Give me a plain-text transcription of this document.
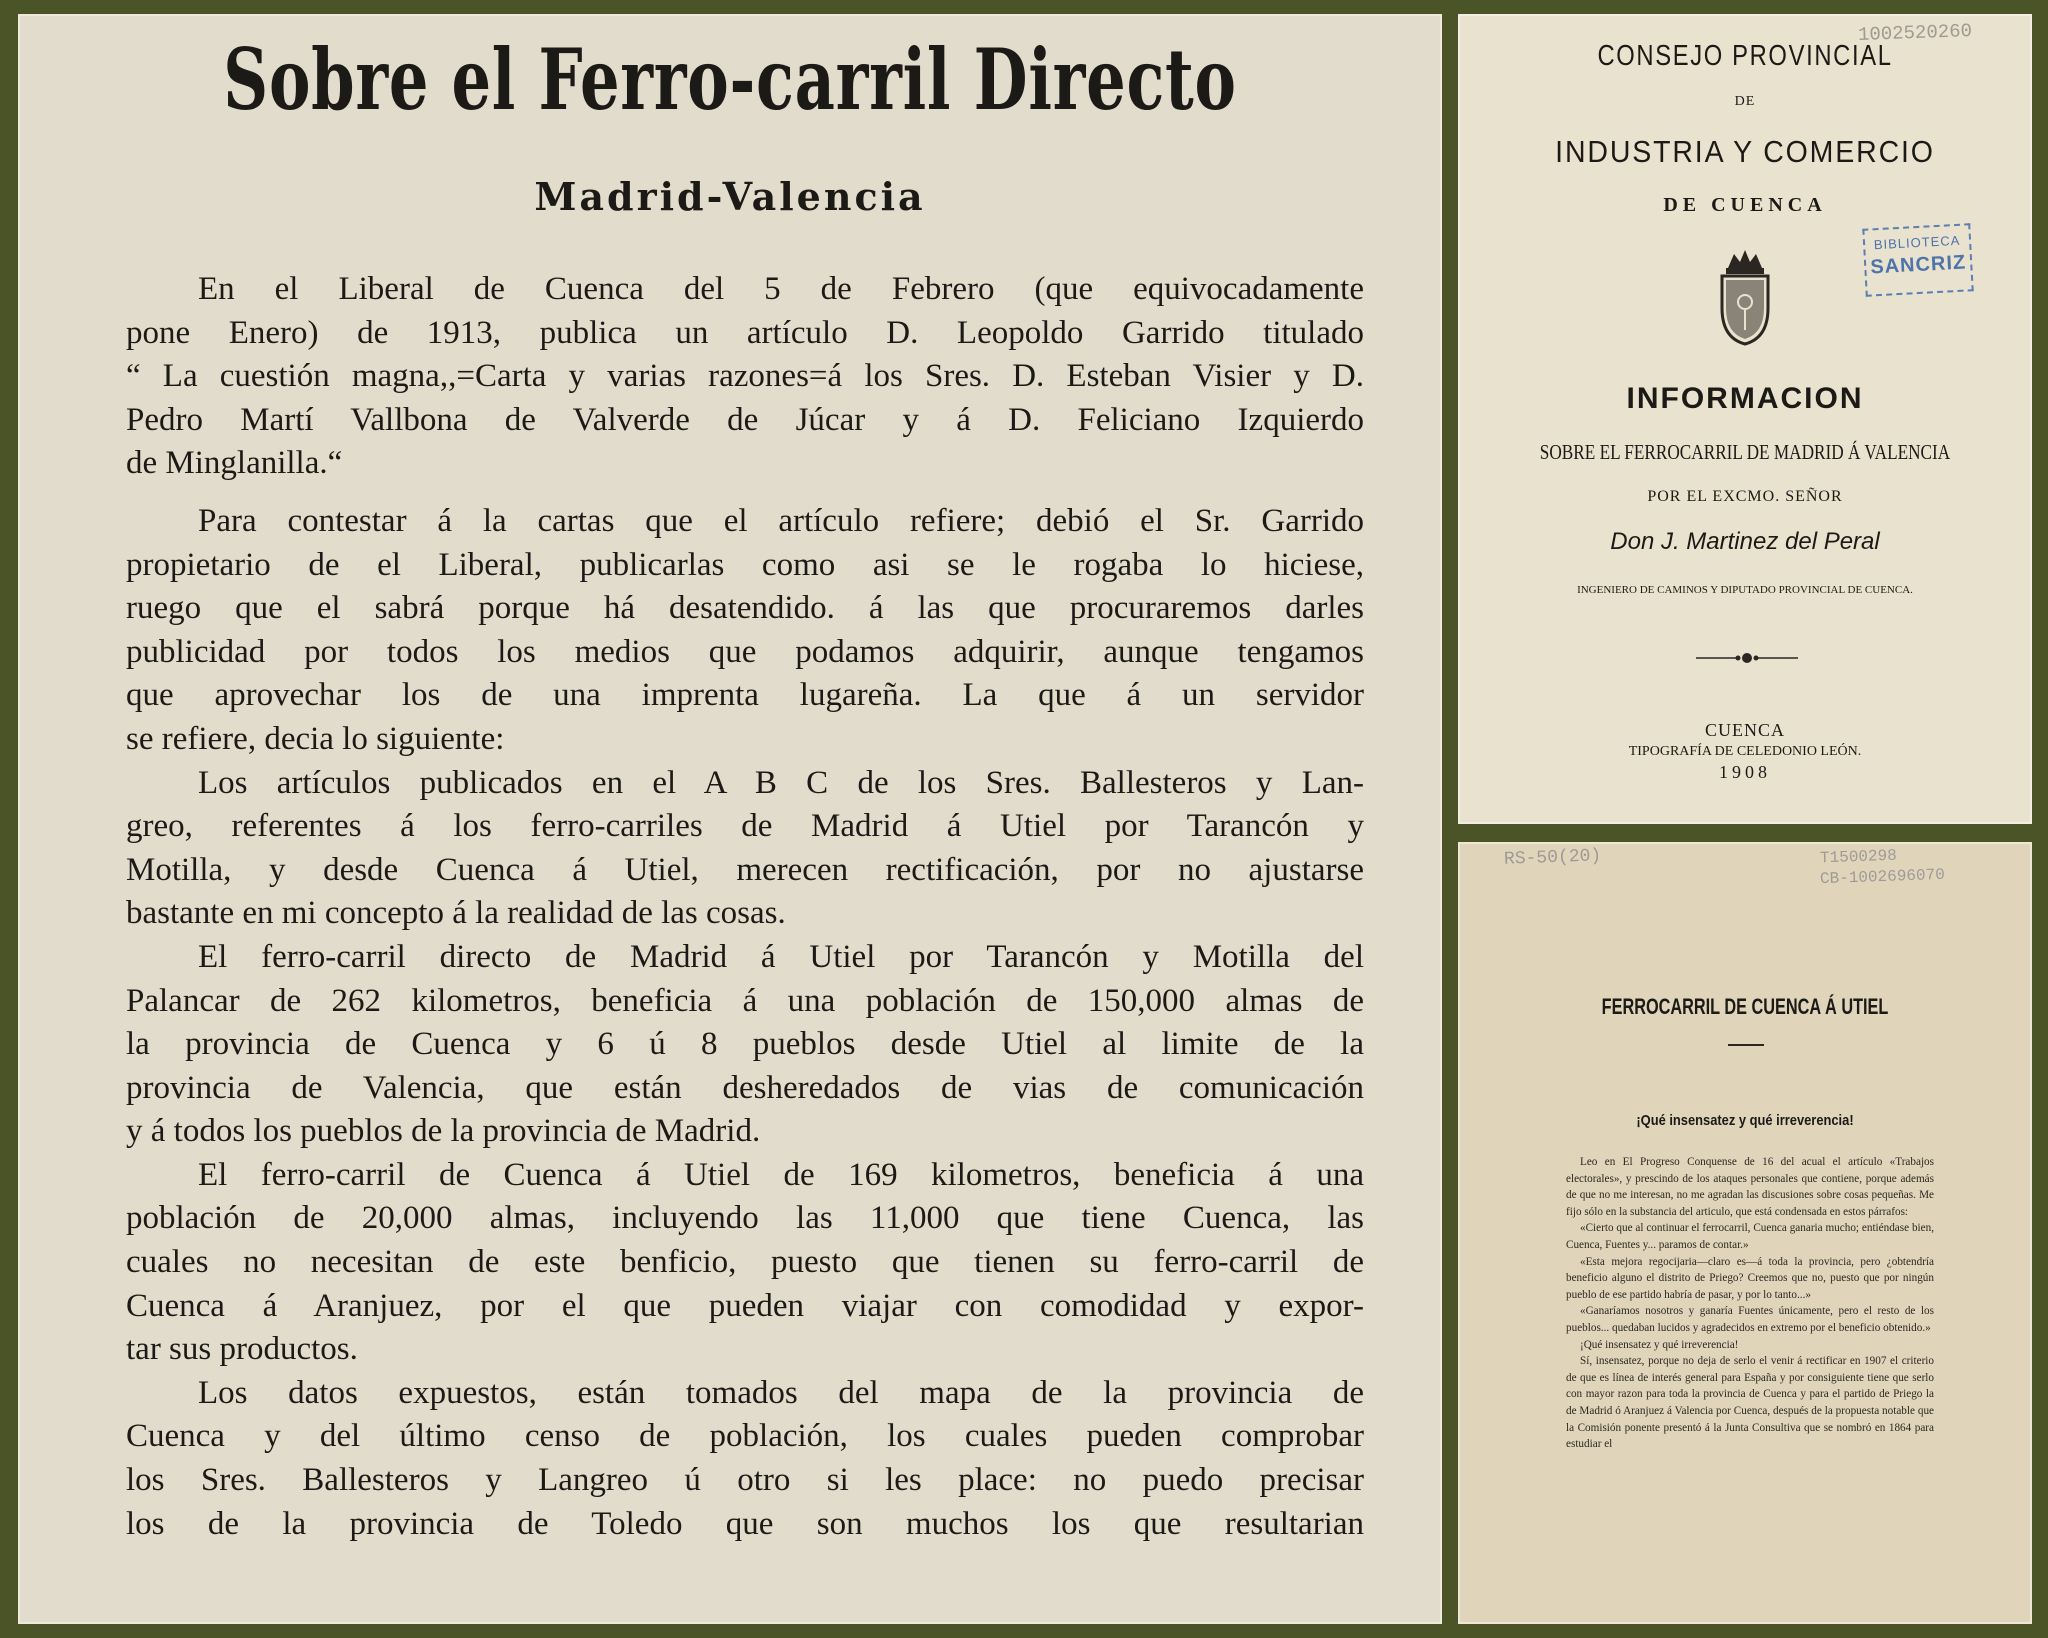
Sobre el Ferro-carril Directo
Madrid-Valencia

En el Liberal de Cuenca del 5 de Febrero (que equivocadamente

pone Enero) de 1913, publica un artículo D. Leopoldo Garrido titulado

“ La cuestión magna,,=Carta y varias razones=á los Sres. D. Esteban Visier y D.

Pedro Martí Vallbona de Valverde de Júcar y á D. Feliciano Izquierdo

de Minglanilla.“

Para contestar á la cartas que el artículo refiere; debió el Sr. Garrido

propietario de el Liberal, publicarlas como asi se le rogaba lo hiciese,

ruego que el sabrá porque há desatendido. á las que procuraremos darles

publicidad por todos los medios que podamos adquirir, aunque tengamos

que aprovechar los de una imprenta lugareña. La que á un servidor

se refiere, decia lo siguiente:

Los artículos publicados en el A B C de los Sres. Ballesteros y Lan-

greo, referentes á los ferro-carriles de Madrid á Utiel por Tarancón y

Motilla, y desde Cuenca á Utiel, merecen rectificación, por no ajustarse

bastante en mi concepto á la realidad de las cosas.

El ferro-carril directo de Madrid á Utiel por Tarancón y Motilla del

Palancar de 262 kilometros, beneficia á una población de 150,000 almas de

la provincia de Cuenca y 6 ú 8 pueblos desde Utiel al limite de la

provincia de Valencia, que están desheredados de vias de comunicación

y á todos los pueblos de la provincia de Madrid.

El ferro-carril de Cuenca á Utiel de 169 kilometros, beneficia á una

población de 20,000 almas, incluyendo las 11,000 que tiene Cuenca, las

cuales no necesitan de este benficio, puesto que tienen su ferro-carril de

Cuenca á Aranjuez, por el que pueden viajar con comodidad y expor-

tar sus productos.

Los datos expuestos, están tomados del mapa de la provincia de

Cuenca y del último censo de población, los cuales pueden comprobar

los Sres. Ballesteros y Langreo ú otro si les place: no puedo precisar

los de la provincia de Toledo que son muchos los que resultarian

1002520260
CONSEJO PROVINCIAL
DE
INDUSTRIA Y COMERCIO
DE CUENCA
BIBLIOTECA
SANCRIZ
INFORMACION
SOBRE EL FERROCARRIL DE MADRID Á VALENCIA
POR EL EXCMO. SEÑOR
Don J. Martinez del Peral
INGENIERO DE CAMINOS Y DIPUTADO PROVINCIAL DE CUENCA.
CUENCA
TIPOGRAFÍA DE CELEDONIO LEÓN.
1908
RS-50(20)	T1500298
CB-1002696070
FERROCARRIL DE CUENCA Á UTIEL
¡Qué insensatez y qué irreverencia!

Leo en El Progreso Conquense de 16 del acual el artículo «Trabajos electorales», y prescindo de los ataques personales que contiene, porque además de que no me interesan, no me agradan las discusiones sobre cosas pequeñas. Me fijo sólo en la substancia del articulo, que está condensada en estos párrafos:

«Cierto que al continuar el ferrocarril, Cuenca ganaria mucho; entiéndase bien, Cuenca, Fuentes y... paramos de contar.»

«Esta mejora regocijaria—claro es—á toda la provincia, pero ¿obtendría beneficio alguno el distrito de Priego? Creemos que no, puesto que por ningún pueblo de ese partido habría de pasar, y por lo tanto...»

«Ganaríamos nosotros y ganaría Fuentes únicamente, pero el resto de los pueblos... quedaban lucidos y agradecidos en extremo por el beneficio obtenido.»

¡Qué insensatez y qué irreverencia!

Sí, insensatez, porque no deja de serlo el venir á rectificar en 1907 el criterio de que es línea de interés general para España y por consiguiente tiene que serlo con mayor razon para toda la provincia de Cuenca y para el partido de Priego la de Madrid ó Aranjuez á Valencia por Cuenca, después de la propuesta notable que la Comisión ponente presentó á la Junta Consultiva que se nombró en 1864 para estudiar el
